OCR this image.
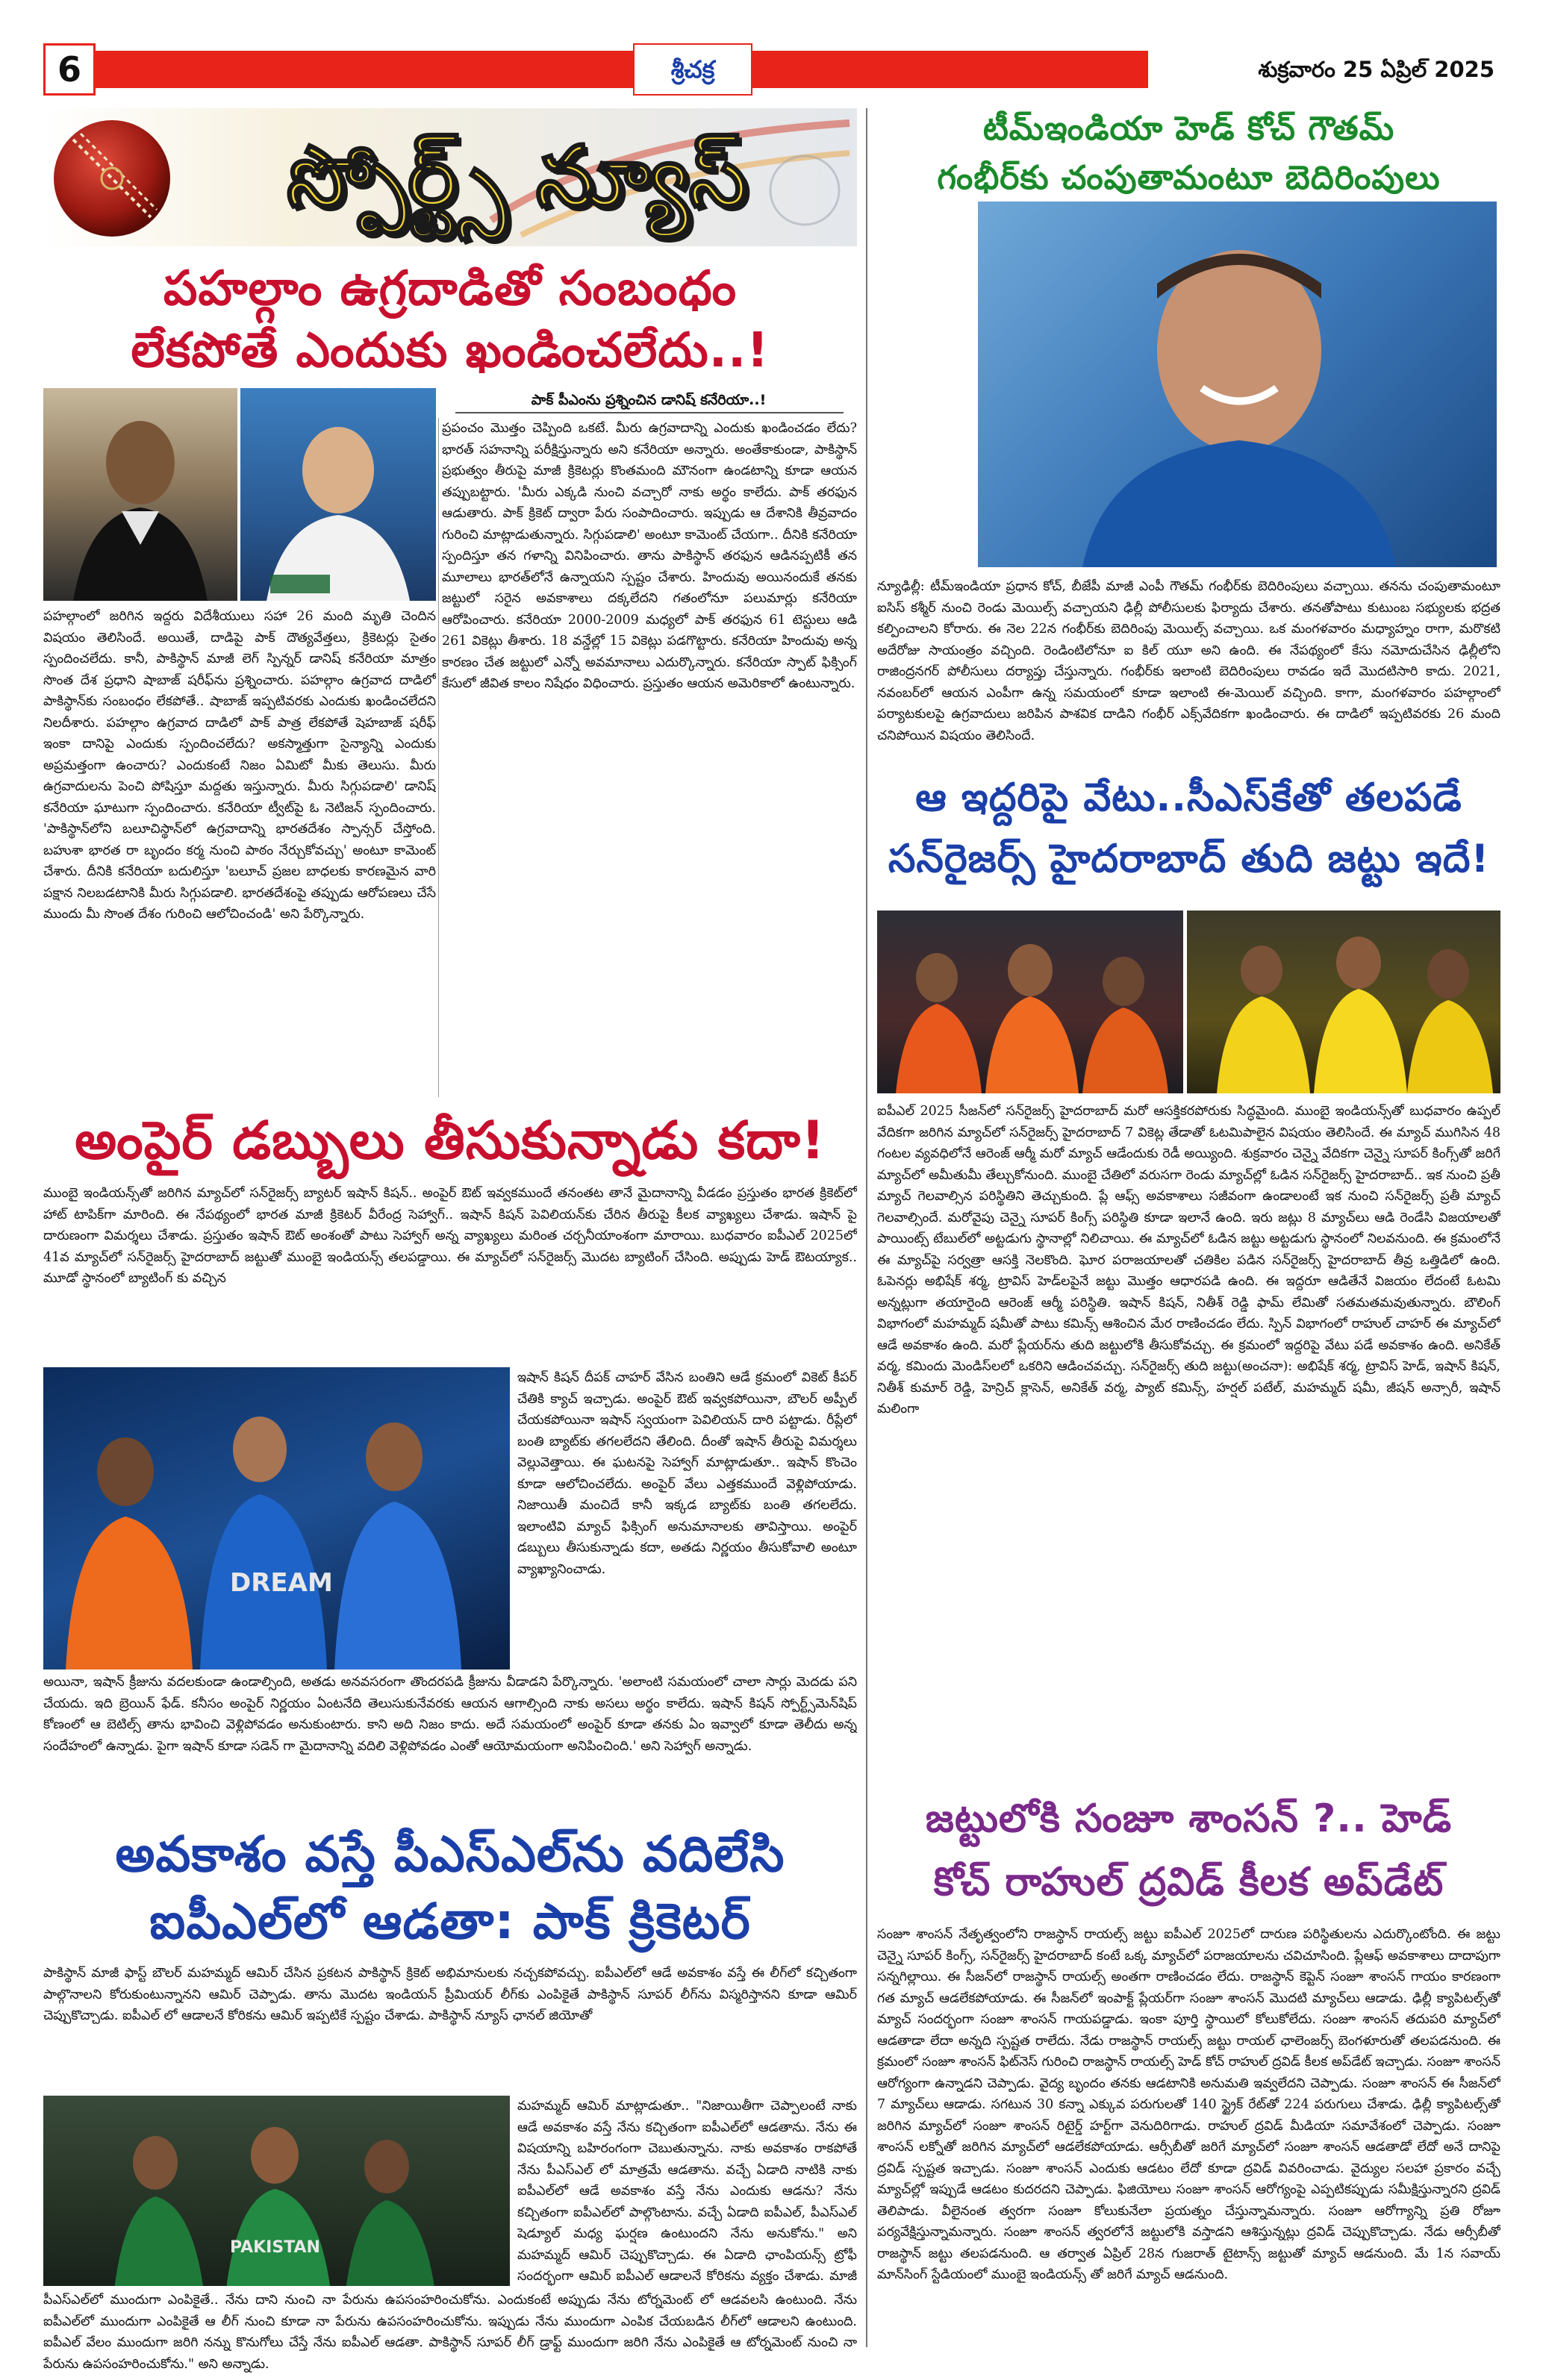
6	శ్రీచక్ర	శుక్రవారం 25 ఏప్రిల్ 2025
స్పోర్ట్స్ న్యూస్
పహల్గాం ఉగ్రదాడితో సంబంధం
లేకపోతే ఎందుకు ఖండించలేదు..!
పాక్ పీఎంను ప్రశ్నించిన డానిష్ కనేరియా..!

ప్రపంచం మొత్తం చెప్పింది ఒకటే. మీరు ఉగ్రవాదాన్ని ఎందుకు ఖండించడం లేదు? భారత్ సహనాన్ని పరీక్షిస్తున్నారు అని కనేరియా అన్నారు. అంతేకాకుండా, పాకిస్థాన్ ప్రభుత్వం తీరుపై మాజీ క్రికెటర్లు కొంతమంది మౌనంగా ఉండటాన్ని కూడా ఆయన తప్పుబట్టారు. 'మీరు ఎక్కడి నుంచి వచ్చారో నాకు అర్థం కాలేదు. పాక్ తరఫున ఆడుతారు. పాక్ క్రికెట్ ద్వారా పేరు సంపాదించారు. ఇప్పుడు ఆ దేశానికి తీవ్రవాదం గురించి మాట్లాడుతున్నారు. సిగ్గుపడాలి' అంటూ కామెంట్ చేయగా.. దీనికి కనేరియా స్పందిస్తూ తన గళాన్ని వినిపించారు. తాను పాకిస్థాన్ తరఫున ఆడినప్పటికీ తన మూలాలు భారత్‌లోనే ఉన్నాయని స్పష్టం చేశారు. హిందువు అయినందుకే తనకు జట్టులో సరైన అవకాశాలు దక్కలేదని గతంలోనూ పలుమార్లు కనేరియా ఆరోపించారు. కనేరియా 2000-2009 మధ్యలో పాక్ తరఫున 61 టెస్టులు ఆడి 261 వికెట్లు తీశారు. 18 వన్డేల్లో 15 వికెట్లు పడగొట్టారు. కనేరియా హిందువు అన్న కారణం చేత జట్టులో ఎన్నో అవమానాలు ఎదుర్కొన్నారు. కనేరియా స్పాట్ ఫిక్సింగ్ కేసులో జీవిత కాలం నిషేధం విధించారు. ప్రస్తుతం ఆయన అమెరికాలో ఉంటున్నారు.

పహల్గాంలో జరిగిన ఇద్దరు విదేశీయులు సహా 26 మంది మృతి చెందిన విషయం తెలిసిందే. అయితే, దాడిపై పాక్ దౌత్యవేత్తలు, క్రికెటర్లు సైతం స్పందించలేదు. కానీ, పాకిస్థాన్ మాజీ లెగ్ స్పిన్నర్ డానిష్ కనేరియా మాత్రం సొంత దేశ ప్రధాని షాబాజ్ షరీఫ్‌ను ప్రశ్నించారు. పహల్గాం ఉగ్రవాద దాడిలో పాకిస్థాన్‌కు సంబంధం లేకపోతే.. షాబాజ్ ఇప్పటివరకు ఎందుకు ఖండించలేదని నిలదీశారు. పహల్గాం ఉగ్రవాద దాడిలో పాక్ పాత్ర లేకపోతే షెహబాజ్ షరీఫ్ ఇంకా దానిపై ఎందుకు స్పందించలేదు? అకస్మాత్తుగా సైన్యాన్ని ఎందుకు అప్రమత్తంగా ఉంచారు? ఎందుకంటే నిజం ఏమిటో మీకు తెలుసు. మీరు ఉగ్రవాదులను పెంచి పోషిస్తూ మద్దతు ఇస్తున్నారు. మీరు సిగ్గుపడాలి' డానిష్ కనేరియా ఘాటుగా స్పందించారు. కనేరియా ట్వీట్‌పై ఓ నెటిజన్ స్పందించారు. 'పాకిస్థాన్‌లోని బలూచిస్థాన్‌లో ఉగ్రవాదాన్ని భారతదేశం స్పాన్సర్ చేస్తోంది. బహుశా భారత రా బృందం కర్మ నుంచి పాఠం నేర్చుకోవచ్చు' అంటూ కామెంట్ చేశారు. దీనికి కనేరియా బదులిస్తూ 'బలూచ్ ప్రజల బాధలకు కారణమైన వారి పక్షాన నిలబడటానికి మీరు సిగ్గుపడాలి. భారతదేశంపై తప్పుడు ఆరోపణలు చేసే ముందు మీ సొంత దేశం గురించి ఆలోచించండి' అని పేర్కొన్నారు.

అంపైర్ డబ్బులు తీసుకున్నాడు కదా!

ముంబై ఇండియన్స్‌తో జరిగిన మ్యాచ్‌లో సన్‌రైజర్స్ బ్యాటర్ ఇషాన్ కిషన్.. అంపైర్ ఔట్ ఇవ్వకముందే తనంతట తానే మైదానాన్ని వీడడం ప్రస్తుతం భారత క్రికెట్‌లో హాట్ టాపిక్‌గా మారింది. ఈ నేపథ్యంలో భారత మాజీ క్రికెటర్ వీరేంద్ర సెహ్వాగ్.. ఇషాన్ కిషన్ పెవిలియన్‌కు చేరిన తీరుపై కీలక వ్యాఖ్యలు చేశాడు. ఇషాన్ పై దారుణంగా విమర్శలు చేశాడు. ప్రస్తుతం ఇషాన్ ఔట్ అంశంతో పాటు సెహ్వాగ్ అన్న వ్యాఖ్యలు మరింత చర్చనీయాంశంగా మారాయి. బుధవారం ఐపీఎల్ 2025లో 41వ మ్యాచ్‌లో సన్‌రైజర్స్ హైదరాబాద్ జట్టుతో ముంబై ఇండియన్స్ తలపడ్డాయి. ఈ మ్యాచ్‌లో సన్‌రైజర్స్ మొదట బ్యాటింగ్ చేసింది. అప్పుడు హెడ్ ఔటయ్యాక.. మూడో స్థానంలో బ్యాటింగ్ కు వచ్చిన

DREAM

ఇషాన్ కిషన్ దీపక్ చాహర్ వేసిన బంతిని ఆడే క్రమంలో వికెట్ కీపర్ చేతికి క్యాచ్ ఇచ్చాడు. అంపైర్ ఔట్ ఇవ్వకపోయినా, బౌలర్ అప్పీల్ చేయకపోయినా ఇషాన్ స్వయంగా పెవిలియన్ దారి పట్టాడు. రీప్లేలో బంతి బ్యాట్‌కు తగలలేదని తేలింది. దీంతో ఇషాన్ తీరుపై విమర్శలు వెల్లువెత్తాయి. ఈ ఘటనపై సెహ్వాగ్ మాట్లాడుతూ.. ఇషాన్ కొంచెం కూడా ఆలోచించలేదు. అంపైర్ వేలు ఎత్తకముందే వెళ్లిపోయాడు. నిజాయితీ మంచిదే కానీ ఇక్కడ బ్యాట్‌కు బంతి తగలలేదు. ఇలాంటివి మ్యాచ్ ఫిక్సింగ్ అనుమానాలకు తావిస్తాయి. అంపైర్ డబ్బులు తీసుకున్నాడు కదా, అతడు నిర్ణయం తీసుకోవాలి అంటూ వ్యాఖ్యానించాడు.

అయినా, ఇషాన్ క్రీజును వదలకుండా ఉండాల్సింది, అతడు అనవసరంగా తొందరపడి క్రీజును వీడాడని పేర్కొన్నారు. 'అలాంటి సమయంలో చాలా సార్లు మెదడు పని చేయదు. ఇది బ్రెయిన్ ఫేడ్. కనీసం అంపైర్ నిర్ణయం ఏంటనేది తెలుసుకునేవరకు ఆయన ఆగాల్సింది నాకు అసలు అర్థం కాలేదు. ఇషాన్ కిషన్ స్పోర్ట్స్‌మెన్‌షిప్ కోణంలో ఆ బెటిల్స్ తాను భావించి వెళ్లిపోవడం అనుకుంటారు. కాని అది నిజం కాదు. అదే సమయంలో అంపైర్ కూడా తనకు ఏం ఇవ్వాలో కూడా తెలీదు అన్న సందేహంలో ఉన్నాడు. పైగా ఇషాన్ కూడా సడెన్ గా మైదానాన్ని వదిలి వెళ్లిపోవడం ఎంతో ఆయోమయంగా అనిపించింది.' అని సెహ్వాగ్ అన్నాడు.

అవకాశం వస్తే పీఎస్ఎల్‌ను వదిలేసి
ఐపీఎల్‌లో ఆడతా: పాక్ క్రికెటర్

పాకిస్థాన్ మాజీ ఫాస్ట్ బౌలర్ మహమ్మద్ ఆమిర్ చేసిన ప్రకటన పాకిస్థాన్ క్రికెట్ అభిమానులకు నచ్చకపోవచ్చు. ఐపీఎల్‌లో ఆడే అవకాశం వస్తే ఈ లీగ్‌లో కచ్చితంగా పాల్గొనాలని కోరుకుంటున్నానని ఆమిర్ చెప్పాడు. తాను మొదట ఇండియన్ ప్రీమియర్ లీగ్‌కు ఎంపికైతే పాకిస్థాన్ సూపర్ లీగ్‌ను విస్మరిస్తానని కూడా ఆమిర్ చెప్పుకొచ్చాడు. ఐపీఎల్ లో ఆడాలనే కోరికను ఆమిర్ ఇప్పటికే స్పష్టం చేశాడు. పాకిస్థాన్ న్యూస్ ఛానల్ జియోతో

PAKISTAN

మహమ్మద్ ఆమిర్ మాట్లాడుతూ.. "నిజాయితీగా చెప్పాలంటే నాకు ఆడే అవకాశం వస్తే నేను కచ్చితంగా ఐపీఎల్‌లో ఆడతాను. నేను ఈ విషయాన్ని బహిరంగంగా చెబుతున్నాను. నాకు అవకాశం రాకపోతే నేను పీఎస్ఎల్ లో మాత్రమే ఆడతాను. వచ్చే ఏడాది నాటికి నాకు ఐపీఎల్‌లో ఆడే అవకాశం వస్తే నేను ఎందుకు ఆడను? నేను కచ్చితంగా ఐపీఎల్‌లో పాల్గొంటాను. వచ్చే ఏడాది ఐపీఎల్, పీఎస్ఎల్ షెడ్యూల్ మధ్య ఘర్షణ ఉంటుందని నేను అనుకోను." అని మహమ్మద్ ఆమిర్ చెప్పుకొచ్చాడు. ఈ ఏడాది ఛాంపియన్స్ ట్రోఫీ సందర్భంగా ఆమిర్ ఐపీఎల్ ఆడాలనే కోరికను వ్యక్తం చేశాడు. మాజీ

టీమ్‌ఇండియా హెడ్ కోచ్ గౌతమ్
గంభీర్‌కు చంపుతామంటూ బెదిరింపులు

న్యూఢిల్లీ: టీమ్‌ఇండియా ప్రధాన కోచ్, బీజేపీ మాజీ ఎంపీ గౌతమ్ గంభీర్‌కు బెదిరింపులు వచ్చాయి. తనను చంపుతామంటూ ఐసిస్ కశ్మీర్ నుంచి రెండు మెయిల్స్ వచ్చాయని ఢిల్లీ పోలీసులకు ఫిర్యాదు చేశారు. తనతోపాటు కుటుంబ సభ్యులకు భద్రత కల్పించాలని కోరారు. ఈ నెల 22న గంభీర్‌కు బెదిరింపు మెయిల్స్ వచ్చాయి. ఒక మంగళవారం మధ్యాహ్నం రాగా, మరొకటి అదేరోజు సాయంత్రం వచ్చింది. రెండింటిలోనూ ఐ కిల్ యూ అని ఉంది. ఈ నేపథ్యంలో కేసు నమోదుచేసిన ఢిల్లీలోని రాజింద్రనగర్ పోలీసులు దర్యాప్తు చేస్తున్నారు. గంభీర్‌కు ఇలాంటి బెదిరింపులు రావడం ఇదే మొదటిసారి కాదు. 2021, నవంబర్‌లో ఆయన ఎంపీగా ఉన్న సమయంలో కూడా ఇలాంటి ఈ-మెయిల్ వచ్చింది. కాగా, మంగళవారం పహల్గాంలో పర్యాటకులపై ఉగ్రవాదులు జరిపిన పాశవిక దాడిని గంభీర్ ఎక్స్‌వేదికగా ఖండించారు. ఈ దాడిలో ఇప్పటివరకు 26 మంది చనిపోయిన విషయం తెలిసిందే.

ఆ ఇద్దరిపై వేటు..సీఎస్‌కేతో తలపడే
సన్‌రైజర్స్ హైదరాబాద్ తుది జట్టు ఇదే!

ఐపీఎల్ 2025 సీజన్‌లో సన్‌రైజర్స్ హైదరాబాద్ మరో ఆసక్తికరపోరుకు సిద్ధమైంది. ముంబై ఇండియన్స్‌తో బుధవారం ఉప్పల్ వేదికగా జరిగిన మ్యాచ్‌లో సన్‌రైజర్స్ హైదరాబాద్ 7 వికెట్ల తేడాతో ఓటమిపాలైన విషయం తెలిసిందే. ఈ మ్యాచ్ ముగిసిన 48 గంటల వ్యవధిలోనే ఆరెంజ్ ఆర్మీ మరో మ్యాచ్ ఆడేందుకు రెడీ అయ్యింది. శుక్రవారం చెన్నై వేదికగా చెన్నై సూపర్ కింగ్స్‌తో జరిగే మ్యాచ్‌లో అమీతుమీ తేల్చుకోనుంది. ముంబై చేతిలో వరుసగా రెండు మ్యాచ్‌ల్లో ఓడిన సన్‌రైజర్స్ హైదరాబాద్.. ఇక నుంచి ప్రతీ మ్యాచ్ గెలవాల్సిన పరిస్థితిని తెచ్చుకుంది. ప్లే ఆఫ్స్ అవకాశాలు సజీవంగా ఉండాలంటే ఇక నుంచి సన్‌రైజర్స్ ప్రతీ మ్యాచ్ గెలవాల్సిందే. మరోవైపు చెన్నై సూపర్ కింగ్స్ పరిస్థితి కూడా ఇలానే ఉంది. ఇరు జట్లు 8 మ్యాచ్‌లు ఆడి రెండేసి విజయాలతో పాయింట్స్ టేబుల్‌లో అట్టడుగు స్థానాల్లో నిలిచాయి. ఈ మ్యాచ్‌లో ఓడిన జట్టు అట్టడుగు స్థానంలో నిలవనుంది. ఈ క్రమంలోనే ఈ మ్యాచ్‌పై సర్వత్రా ఆసక్తి నెలకొంది. ఘోర పరాజయాలతో చతికిల పడిన సన్‌రైజర్స్ హైదరాబాద్ తీవ్ర ఒత్తిడిలో ఉంది. ఓపెనర్లు అభిషేక్ శర్మ, ట్రావిస్ హెడ్‌లపైనే జట్టు మొత్తం ఆధారపడి ఉంది. ఈ ఇద్దరూ ఆడితేనే విజయం లేదంటే ఓటమి అన్నట్లుగా తయారైంది ఆరెంజ్ ఆర్మీ పరిస్థితి. ఇషాన్ కిషన్, నితీశ్ రెడ్డి ఫామ్ లేమితో సతమతమవుతున్నారు. బౌలింగ్ విభాగంలో మహమ్మద్ షమీతో పాటు కమిన్స్ ఆశించిన మేర రాణించడం లేదు. స్పిన్ విభాగంలో రాహుల్ చాహర్ ఈ మ్యాచ్‌లో ఆడే అవకాశం ఉంది. మరో ప్లేయర్‌ను తుది జట్టులోకి తీసుకోవచ్చు. ఈ క్రమంలో ఇద్దరిపై వేటు పడే అవకాశం ఉంది. అనికేత్ వర్మ, కమిందు మెండిస్‌లలో ఒకరిని ఆడించవచ్చు. సన్‌రైజర్స్ తుది జట్టు(అంచనా): అభిషేక్ శర్మ, ట్రావిస్ హెడ్, ఇషాన్ కిషన్, నితీశ్ కుమార్ రెడ్డి, హెన్రిచ్ క్లాసెన్, అనికేత్ వర్మ, ప్యాట్ కమిన్స్, హర్షల్ పటేల్, మహమ్మద్ షమీ, జీషన్ అన్సారీ, ఇషాన్ మలింగా

జట్టులోకి సంజూ శాంసన్ ?.. హెడ్
కోచ్ రాహుల్ ద్రవిడ్ కీలక అప్‌డేట్

సంజూ శాంసన్ నేతృత్వంలోని రాజస్థాన్ రాయల్స్ జట్టు ఐపీఎల్ 2025లో దారుణ పరిస్థితులను ఎదుర్కొంటోంది. ఈ జట్టు చెన్నై సూపర్ కింగ్స్, సన్‌రైజర్స్ హైదరాబాద్ కంటే ఒక్క మ్యాచ్‌లో పరాజయాలను చవిచూసింది. ప్లేఆఫ్ అవకాశాలు దాదాపుగా సన్నగిల్లాయి. ఈ సీజన్‌లో రాజస్థాన్ రాయల్స్ అంతగా రాణించడం లేదు. రాజస్థాన్ కెప్టెన్ సంజూ శాంసన్ గాయం కారణంగా గత మ్యాచ్ ఆడలేకపోయాడు. ఈ సీజన్‌లో ఇంపాక్ట్ ప్లేయర్‌గా సంజూ శాంసన్ మొదటి మ్యాచ్‌లు ఆడాడు. ఢిల్లీ క్యాపిటల్స్‌తో మ్యాచ్ సందర్భంగా సంజూ శాంసన్ గాయపడ్డాడు. ఇంకా పూర్తి స్థాయిలో కోలుకోలేదు. సంజూ శాంసన్ తదుపరి మ్యాచ్‌లో ఆడతాడా లేదా అన్నది స్పష్టత రాలేదు. నేడు రాజస్థాన్ రాయల్స్ జట్టు రాయల్ ఛాలెంజర్స్ బెంగళూరుతో తలపడనుంది. ఈ క్రమంలో సంజూ శాంసన్ ఫిట్‌నెస్ గురించి రాజస్థాన్ రాయల్స్ హెడ్ కోచ్ రాహుల్ ద్రవిడ్ కీలక అప్‌డేట్ ఇచ్చాడు. సంజూ శాంసన్ ఆరోగ్యంగా ఉన్నాడని చెప్పాడు. వైద్య బృందం తనకు ఆడటానికి అనుమతి ఇవ్వలేదని చెప్పాడు. సంజూ శాంసన్ ఈ సీజన్‌లో 7 మ్యాచ్‌లు ఆడాడు. సగటున 30 కన్నా ఎక్కువ పరుగులతో 140 స్ట్రైక్ రేట్‌తో 224 పరుగులు చేశాడు. ఢిల్లీ క్యాపిటల్స్‌తో జరిగిన మ్యాచ్‌లో సంజూ శాంసన్ రిటైర్డ్ హర్ట్‌గా వెనుదిరిగాడు. రాహుల్ ద్రవిడ్ మీడియా సమావేశంలో చెప్పాడు. సంజూ శాంసన్ లక్నోతో జరిగిన మ్యాచ్‌లో ఆడలేకపోయాడు. ఆర్సీబీతో జరిగే మ్యాచ్‌లో సంజూ శాంసన్ ఆడతాడో లేదో అనే దానిపై ద్రవిడ్ స్పష్టత ఇచ్చాడు. సంజూ శాంసన్ ఎందుకు ఆడటం లేదో కూడా ద్రవిడ్ వివరించాడు. వైద్యుల సలహా ప్రకారం వచ్చే మ్యాచ్‌ల్లో ఇప్పుడే ఆడటం కుదరదని చెప్పాడు. ఫిజియోలు సంజూ శాంసన్ ఆరోగ్యంపై ఎప్పటికప్పుడు సమీక్షిస్తున్నారని ద్రవిడ్ తెలిపాడు. వీలైనంత త్వరగా సంజూ కోలుకునేలా ప్రయత్నం చేస్తున్నామన్నారు. సంజూ ఆరోగ్యాన్ని ప్రతి రోజూ పర్యవేక్షిస్తున్నామన్నారు. సంజూ శాంసన్ త్వరలోనే జట్టులోకి వస్తాడని ఆశిస్తున్నట్లు ద్రవిడ్ చెప్పుకొచ్చాడు. నేడు ఆర్సీబీతో రాజస్థాన్ జట్టు తలపడనుంది. ఆ తర్వాత ఏప్రిల్ 28న గుజరాత్ టైటాన్స్ జట్టుతో మ్యాచ్ ఆడనుంది. మే 1న సవాయ్ మాన్‌సింగ్ స్టేడియంలో ముంబై ఇండియన్స్ తో జరిగే మ్యాచ్ ఆడనుంది.

పీఎస్ఎల్‌లో ముందుగా ఎంపికైతే.. నేను దాని నుంచి నా పేరును ఉపసంహరించుకోను. ఎందుకంటే అప్పుడు నేను టోర్నమెంట్ లో ఆడవలసి ఉంటుంది. నేను ఐపీఎల్‌లో ముందుగా ఎంపికైతే ఆ లీగ్ నుంచి కూడా నా పేరును ఉపసంహరించుకోను. ఇప్పుడు నేను ముందుగా ఎంపిక చేయబడిన లీగ్‌లో ఆడాలని ఉంటుంది. ఐపీఎల్ వేలం ముందుగా జరిగి నన్ను కొనుగోలు చేస్తే నేను ఐపీఎల్ ఆడతా. పాకిస్థాన్ సూపర్ లీగ్ డ్రాఫ్ట్ ముందుగా జరిగి నేను ఎంపికైతే ఆ టోర్నమెంట్ నుంచి నా పేరును ఉపసంహరించుకోను." అని అన్నాడు.
